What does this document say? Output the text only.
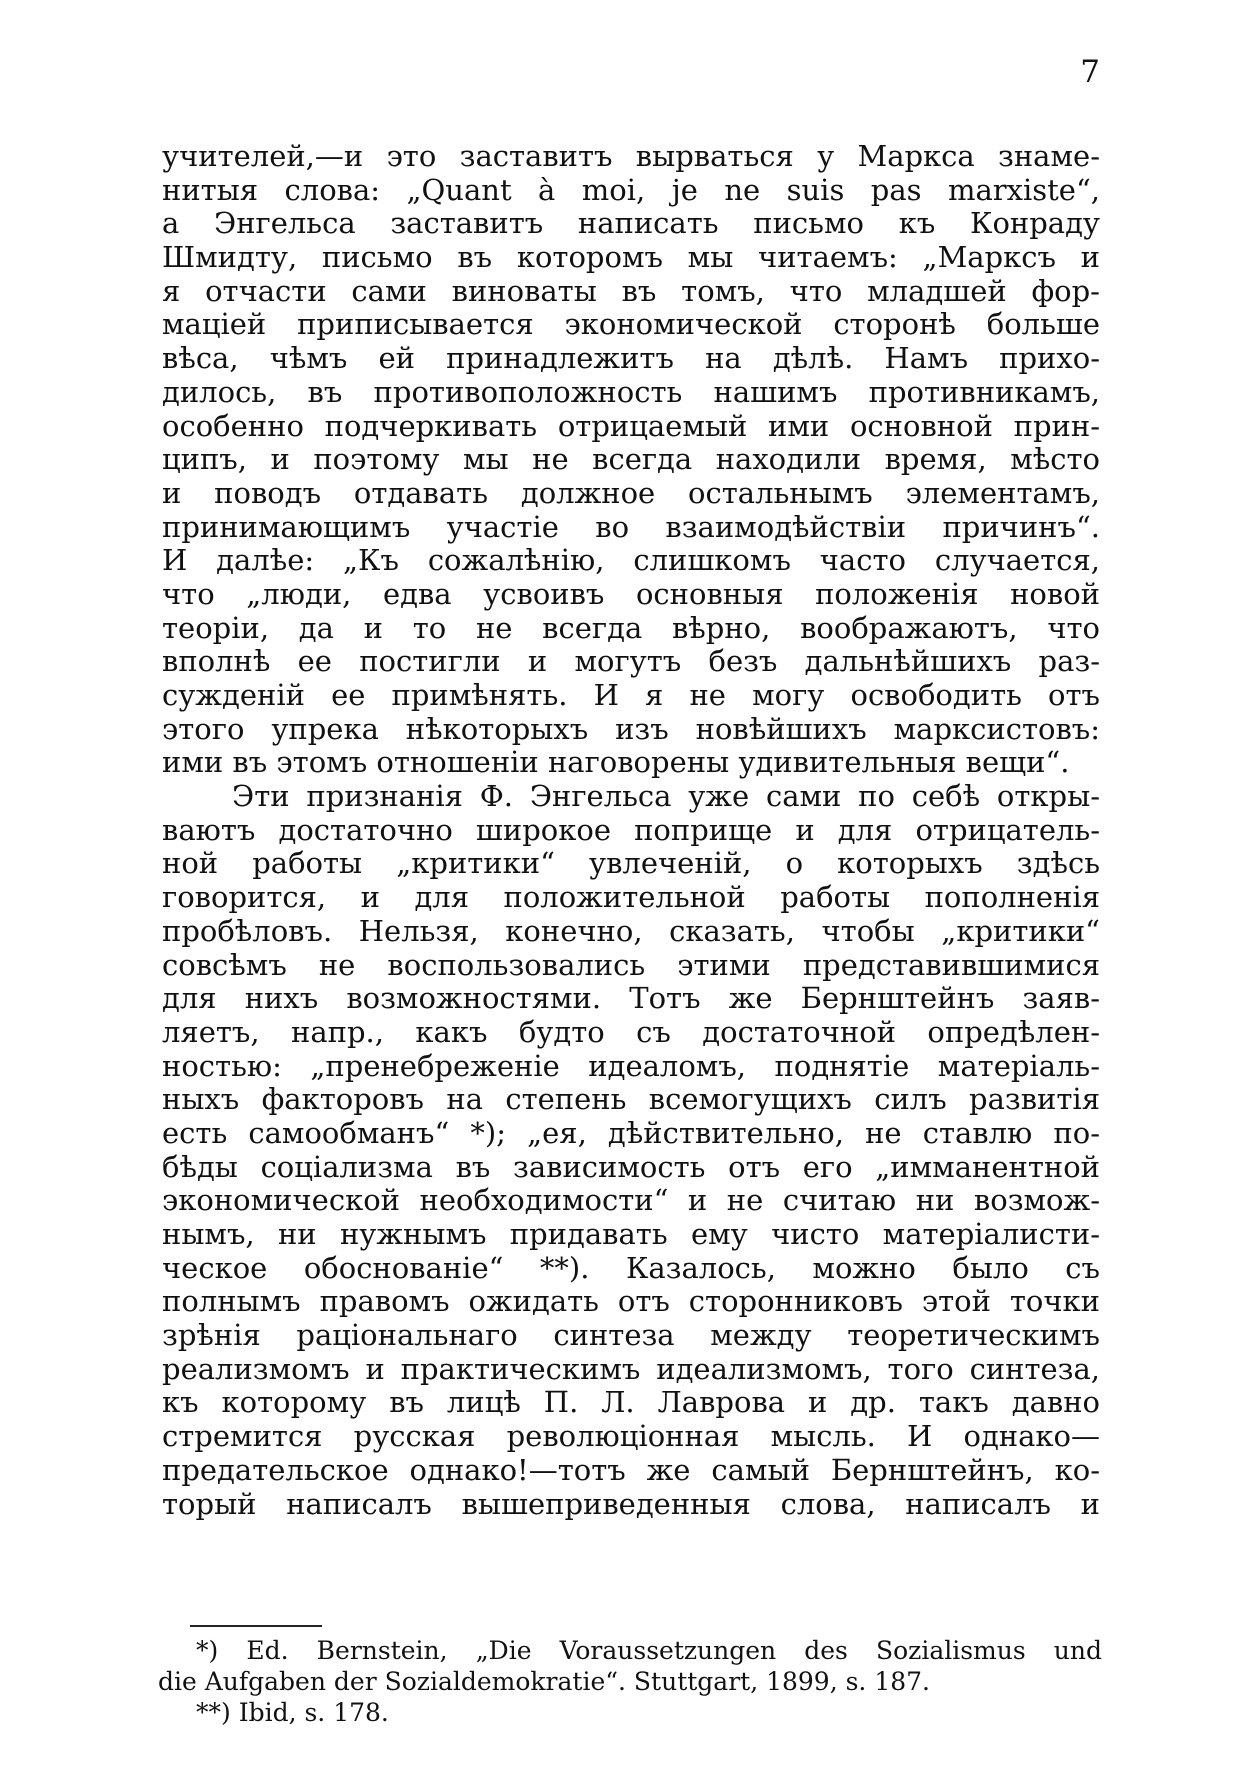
7
учителей,—и это заставитъ вырваться у Маркса знаме-
нитыя слова: „Quant à moi, je ne suis pas marxiste“,
а Энгельса заставитъ написать письмо къ Конраду
Шмидту, письмо въ которомъ мы читаемъ: „Марксъ и
я отчасти сами виноваты въ томъ, что младшей фор-
мацiей приписывается экономической сторонѣ больше
вѣса, чѣмъ ей принадлежитъ на дѣлѣ. Намъ прихо-
дилось, въ противоположность нашимъ противникамъ,
особенно подчеркивать отрицаемый ими основной прин-
ципъ, и поэтому мы не всегда находили время, мѣсто
и поводъ отдавать должное остальнымъ элементамъ,
принимающимъ участiе во взаимодѣйствiи причинъ“.
И далѣе: „Къ сожалѣнiю, слишкомъ часто случается,
что „люди, едва усвоивъ основныя положенiя новой
теорiи, да и то не всегда вѣрно, воображаютъ, что
вполнѣ ее постигли и могутъ безъ дальнѣйшихъ раз-
сужденiй ее примѣнять. И я не могу освободить отъ
этого упрека нѣкоторыхъ изъ новѣйшихъ марксистовъ:
ими въ этомъ отношенiи наговорены удивительныя вещи“.
Эти признанiя Ф. Энгельса уже сами по себѣ откры-
ваютъ достаточно широкое поприще и для отрицатель-
ной работы „критики“ увлеченiй, о которыхъ здѣсь
говорится, и для положительной работы пополненiя
пробѣловъ. Нельзя, конечно, сказать, чтобы „критики“
совсѣмъ не воспользовались этими представившимися
для нихъ возможностями. Тотъ же Бернштейнъ заяв-
ляетъ, напр., какъ будто съ достаточной опредѣлен-
ностью: „пренебреженiе идеаломъ, поднятiе матерiаль-
ныхъ факторовъ на степень всемогущихъ силъ развитiя
есть самообманъ“ *); „ея, дѣйствительно, не ставлю по-
бѣды соцiализма въ зависимость отъ его „имманентной
экономической необходимости“ и не считаю ни возмож-
нымъ, ни нужнымъ придавать ему чисто матерiалисти-
ческое обоснованiе“ **). Казалось, можно было съ
полнымъ правомъ ожидать отъ сторонниковъ этой точки
зрѣнiя рацiональнаго синтеза между теоретическимъ
реализмомъ и практическимъ идеализмомъ, того синтеза,
къ которому въ лицѣ П. Л. Лаврова и др. такъ давно
стремится русская революцiонная мысль. И однако—
предательское однако!—тотъ же самый Бернштейнъ, ко-
торый написалъ вышеприведенныя слова, написалъ и
*) Ed. Bernstein, „Die Voraussetzungen des Sozialismus und
die Aufgaben der Sozialdemokratie“. Stuttgart, 1899, s. 187.
**) Ibid, s. 178.
